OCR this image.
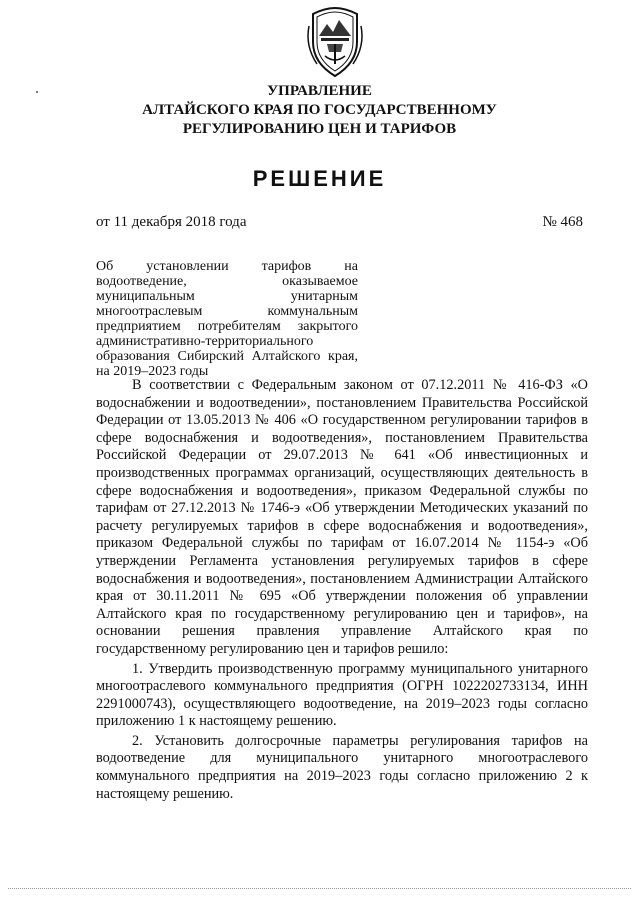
УПРАВЛЕНИЕ
АЛТАЙСКОГО КРАЯ ПО ГОСУДАРСТВЕННОМУ
РЕГУЛИРОВАНИЮ ЦЕН И ТАРИФОВ
РЕШЕНИЕ
от 11 декабря 2018 года	№ 468
Об установлении тарифов на водоотведение, оказываемое муниципальным унитарным многоотраслевым коммунальным предприятием потребителям закрытого административно-территориального образования Сибирский Алтайского края, на 2019–2023 годы

В соответствии с Федеральным законом от 07.12.2011 № 416-ФЗ «О водоснабжении и водоотведении», постановлением Правительства Российской Федерации от 13.05.2013 № 406 «О государственном регулировании тарифов в сфере водоснабжения и водоотведения», постановлением Правительства Российской Федерации от 29.07.2013 № 641 «Об инвестиционных и производственных программах организаций, осуществляющих деятельность в сфере водоснабжения и водоотведения», приказом Федеральной службы по тарифам от 27.12.2013 № 1746-э «Об утверждении Методических указаний по расчету регулируемых тарифов в сфере водоснабжения и водоотведения», приказом Федеральной службы по тарифам от 16.07.2014 № 1154-э «Об утверждении Регламента установления регулируемых тарифов в сфере водоснабжения и водоотведения», постановлением Администрации Алтайского края от 30.11.2011 № 695 «Об утверждении положения об управлении Алтайского края по государственному регулированию цен и тарифов», на основании решения правления управление Алтайского края по государственному регулированию цен и тарифов решило:

1. Утвердить производственную программу муниципального унитарного многоотраслевого коммунального предприятия (ОГРН 1022202733134, ИНН 2291000743), осуществляющего водоотведение, на 2019–2023 годы согласно приложению 1 к настоящему решению.

2. Установить долгосрочные параметры регулирования тарифов на водоотведение для муниципального унитарного многоотраслевого коммунального предприятия на 2019–2023 годы согласно приложению 2 к настоящему решению.
